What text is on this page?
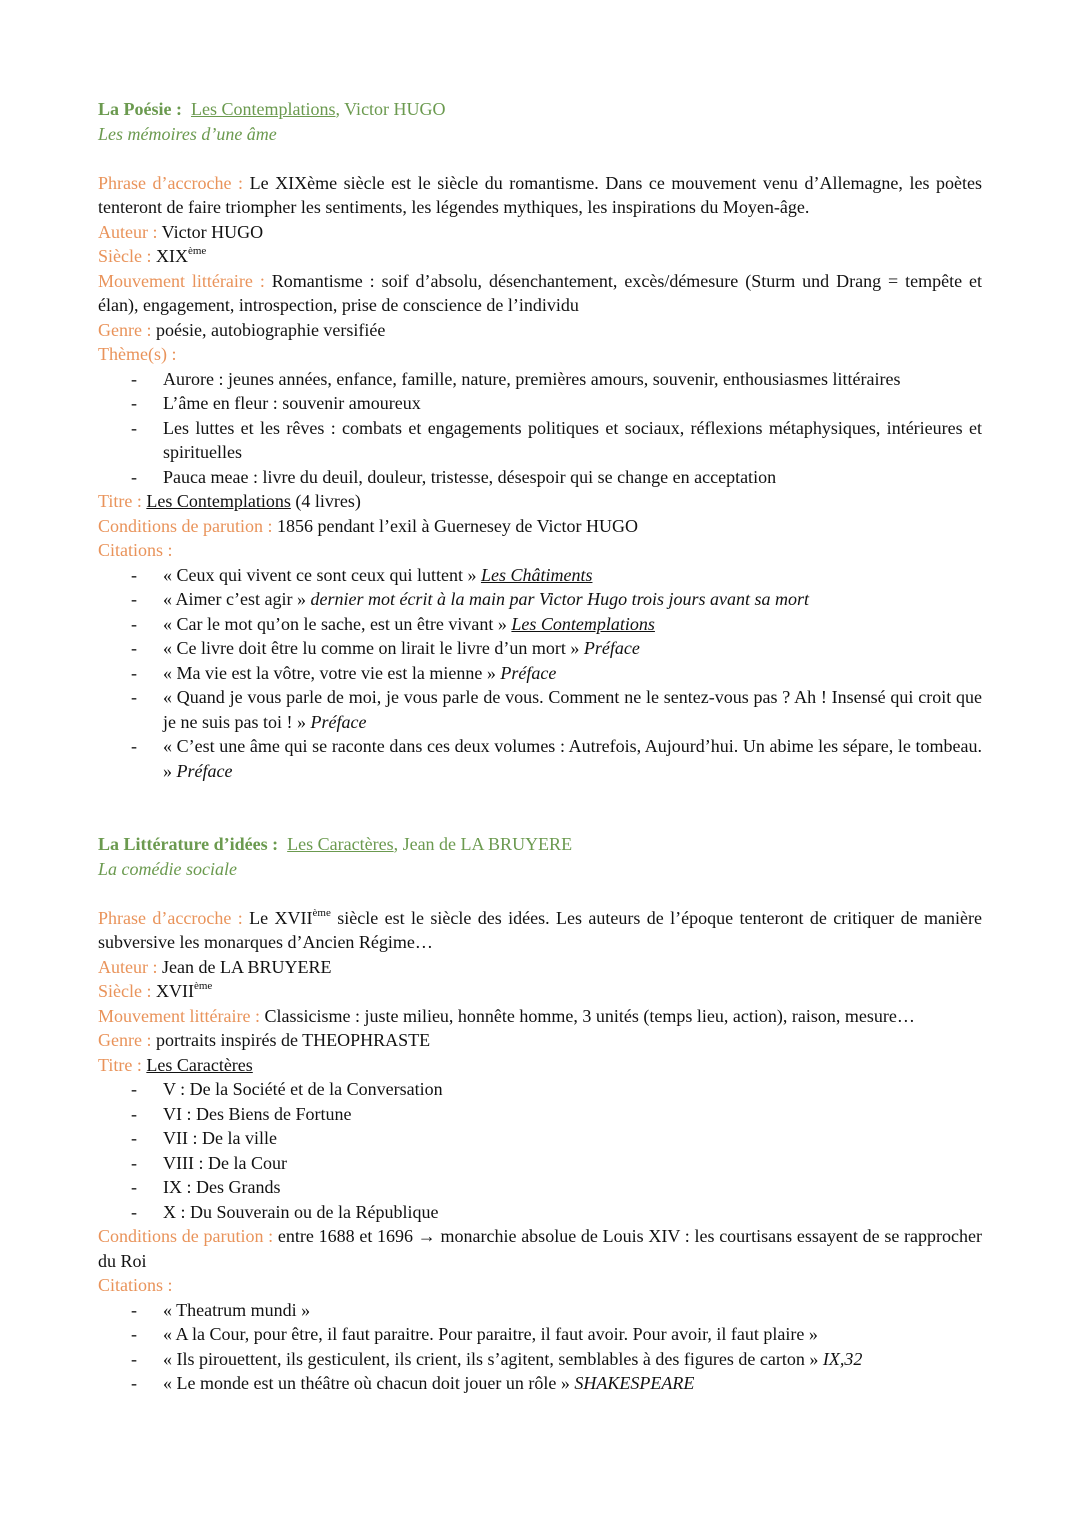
La Poésie : Les Contemplations, Victor HUGO

Les mémoires d’une âme

Phrase d’accroche : Le XIXème siècle est le siècle du romantisme. Dans ce mouvement venu d’Allemagne, les poètes tenteront de faire triompher les sentiments, les légendes mythiques, les inspirations du Moyen-âge.

Auteur : Victor HUGO

Siècle : XIXème

Mouvement littéraire : Romantisme : soif d’absolu, désenchantement, excès/démesure (Sturm und Drang = tempête et élan), engagement, introspection, prise de conscience de l’individu

Genre : poésie, autobiographie versifiée

Thème(s) :

- Aurore : jeunes années, enfance, famille, nature, premières amours, souvenir, enthousiasmes littéraires
- L’âme en fleur : souvenir amoureux
- Les luttes et les rêves : combats et engagements politiques et sociaux, réflexions métaphysiques, intérieures et spirituelles
- Pauca meae : livre du deuil, douleur, tristesse, désespoir qui se change en acceptation

Titre : Les Contemplations (4 livres)

Conditions de parution : 1856 pendant l’exil à Guernesey de Victor HUGO

Citations :

- « Ceux qui vivent ce sont ceux qui luttent » Les Châtiments
- « Aimer c’est agir » dernier mot écrit à la main par Victor Hugo trois jours avant sa mort
- « Car le mot qu’on le sache, est un être vivant » Les Contemplations
- « Ce livre doit être lu comme on lirait le livre d’un mort » Préface
- « Ma vie est la vôtre, votre vie est la mienne » Préface
- « Quand je vous parle de moi, je vous parle de vous. Comment ne le sentez-vous pas ? Ah ! Insensé qui croit que je ne suis pas toi ! » Préface
- « C’est une âme qui se raconte dans ces deux volumes : Autrefois, Aujourd’hui. Un abime les sépare, le tombeau. » Préface

La Littérature d’idées : Les Caractères, Jean de LA BRUYERE

La comédie sociale

Phrase d’accroche : Le XVIIème siècle est le siècle des idées. Les auteurs de l’époque tenteront de critiquer de manière subversive les monarques d’Ancien Régime…

Auteur : Jean de LA BRUYERE

Siècle : XVIIème

Mouvement littéraire : Classicisme : juste milieu, honnête homme, 3 unités (temps lieu, action), raison, mesure…

Genre : portraits inspirés de THEOPHRASTE

Titre : Les Caractères

- V : De la Société et de la Conversation
- VI : Des Biens de Fortune
- VII : De la ville
- VIII : De la Cour
- IX : Des Grands
- X : Du Souverain ou de la République

Conditions de parution : entre 1688 et 1696 → monarchie absolue de Louis XIV : les courtisans essayent de se rapprocher du Roi

Citations :

- « Theatrum mundi »
- « A la Cour, pour être, il faut paraitre. Pour paraitre, il faut avoir. Pour avoir, il faut plaire »
- « Ils pirouettent, ils gesticulent, ils crient, ils s’agitent, semblables à des figures de carton » IX,32
- « Le monde est un théâtre où chacun doit jouer un rôle » SHAKESPEARE
